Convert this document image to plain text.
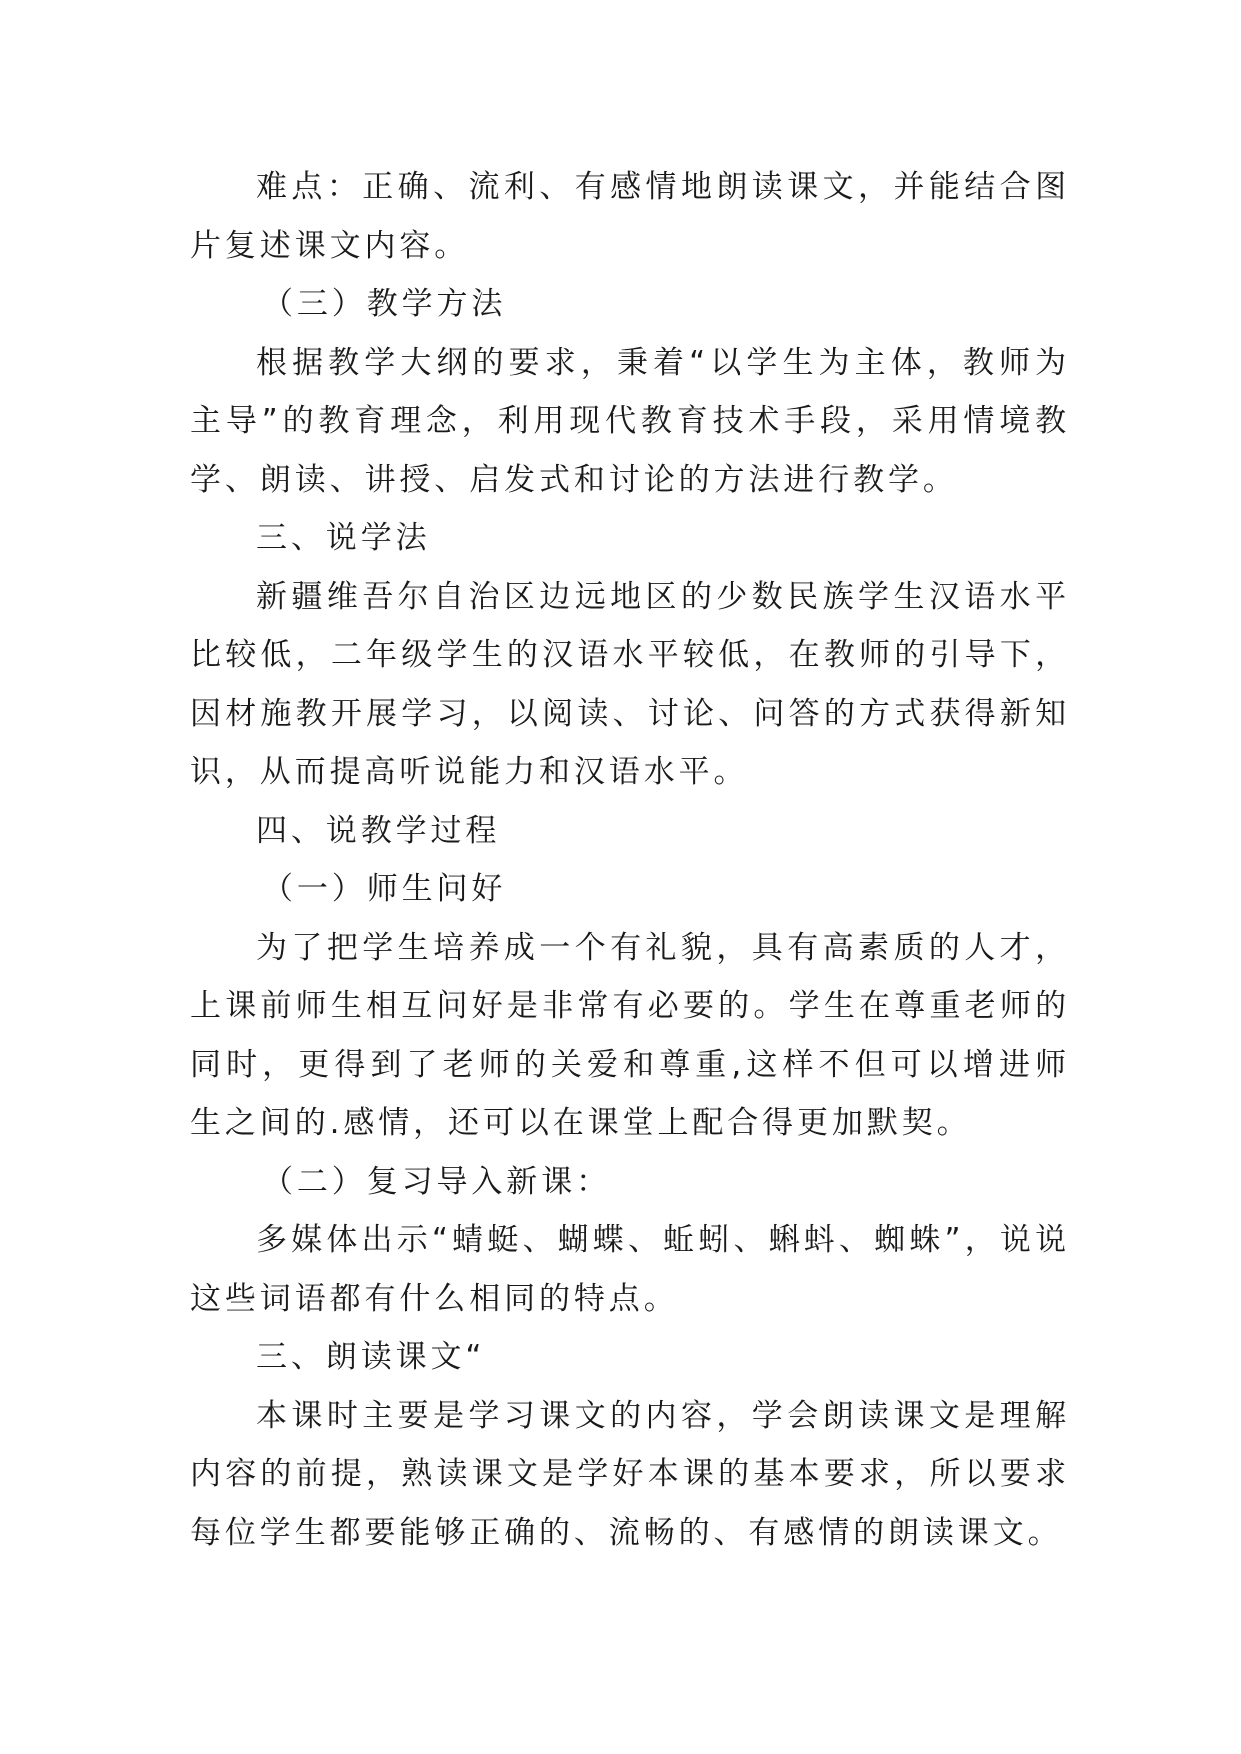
难点：正确、流利、有感情地朗读课文，并能结合图片复述课文内容。

（三）教学方法

根据教学大纲的要求，秉着“以学生为主体，教师为主导”的教育理念，利用现代教育技术手段，采用情境教学、朗读、讲授、启发式和讨论的方法进行教学。

三、说学法

新疆维吾尔自治区边远地区的少数民族学生汉语水平比较低，二年级学生的汉语水平较低，在教师的引导下，因材施教开展学习，以阅读、讨论、问答的方式获得新知识，从而提高听说能力和汉语水平。

四、说教学过程

（一）师生问好

为了把学生培养成一个有礼貌，具有高素质的人才，上课前师生相互问好是非常有必要的。学生在尊重老师的同时，更得到了老师的关爱和尊重,这样不但可以增进师生之间的.感情，还可以在课堂上配合得更加默契。

（二）复习导入新课：

多媒体出示“蜻蜓、蝴蝶、蚯蚓、蝌蚪、蜘蛛”，说说这些词语都有什么相同的特点。

三、朗读课文“

本课时主要是学习课文的内容，学会朗读课文是理解内容的前提，熟读课文是学好本课的基本要求，所以要求每位学生都要能够正确的、流畅的、有感情的朗读课文。
